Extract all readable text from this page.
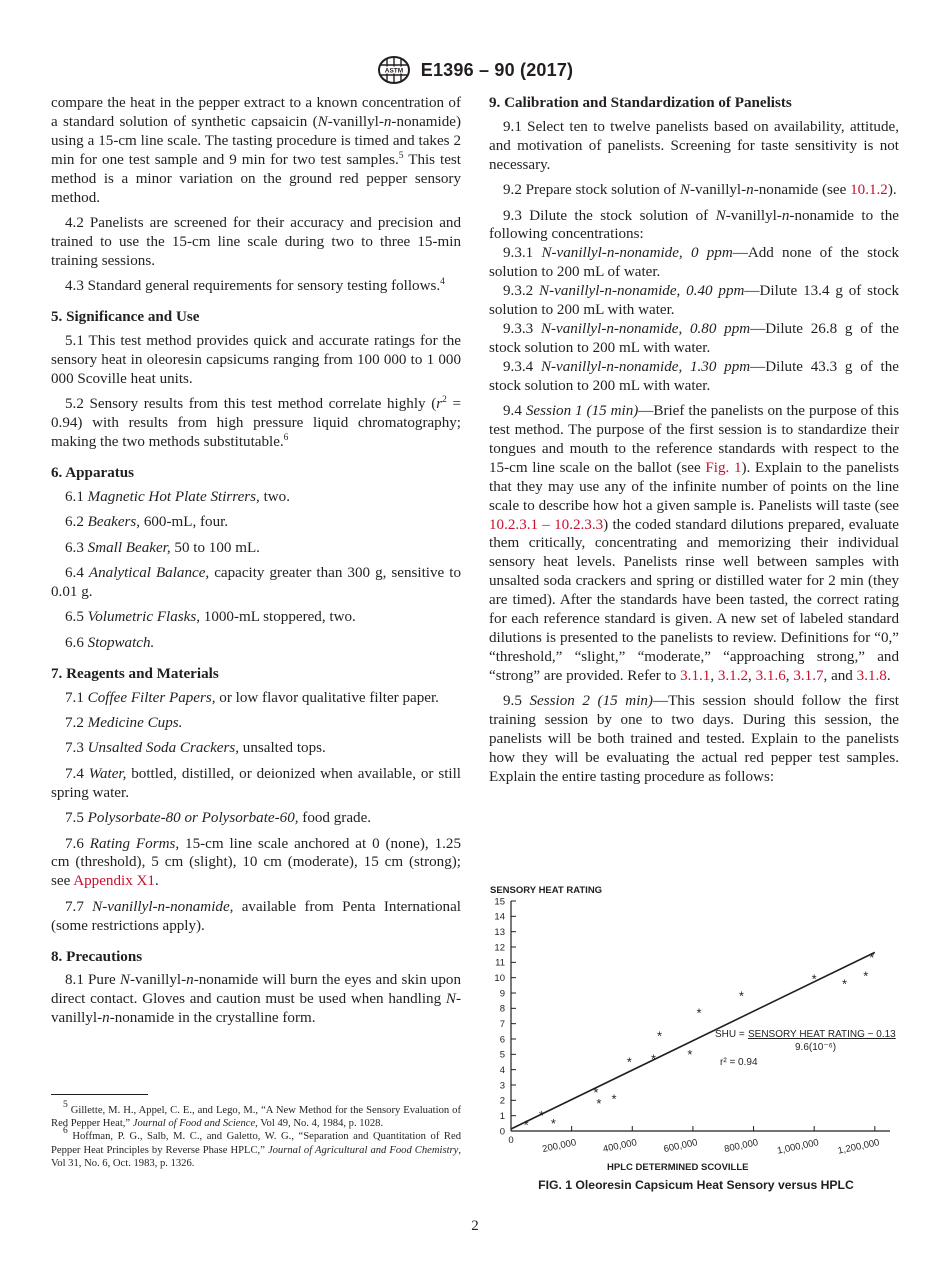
ASTM E1396 – 90 (2017)

compare the heat in the pepper extract to a known concentration of a standard solution of synthetic capsaicin (N-vanillyl-n-nonamide) using a 15-cm line scale. The tasting procedure is timed and takes 2 min for one test sample and 9 min for two test samples.$^5$ This test method is a minor variation on the ground red pepper sensory method.

4.2 Panelists are screened for their accuracy and precision and trained to use the 15-cm line scale during two to three 15-min training sessions.

4.3 Standard general requirements for sensory testing follows.$^4$

5. Significance and Use

5.1 This test method provides quick and accurate ratings for the sensory heat in oleoresin capsicums ranging from 100 000 to 1 000 000 Scoville heat units.

5.2 Sensory results from this test method correlate highly $(r^2 = 0.94)$ with results from high pressure liquid chromatography; making the two methods substitutable.$^6$

6. Apparatus

6.1 Magnetic Hot Plate Stirrers, two.

6.2 Beakers, 600-mL, four.

6.3 Small Beaker, 50 to 100 mL.

6.4 Analytical Balance, capacity greater than 300 g, sensitive to 0.01 g.

6.5 Volumetric Flasks, 1000-mL stoppered, two.

6.6 Stopwatch.

7. Reagents and Materials

7.1 Coffee Filter Papers, or low flavor qualitative filter paper.

7.2 Medicine Cups.

7.3 Unsalted Soda Crackers, unsalted tops.

7.4 Water, bottled, distilled, or deionized when available, or still spring water.

7.5 Polysorbate-80 or Polysorbate-60, food grade.

7.6 Rating Forms, 15-cm line scale anchored at 0 (none), 1.25 cm (threshold), 5 cm (slight), 10 cm (moderate), 15 cm (strong); see Appendix X1.

7.7 N-vanillyl-n-nonamide, available from Penta International (some restrictions apply).

8. Precautions

8.1 Pure N-vanillyl-n-nonamide will burn the eyes and skin upon direct contact. Gloves and caution must be used when handling N-vanillyl-n-nonamide in the crystalline form.

$^5$ Gillette, M. H., Appel, C. E., and Lego, M., “A New Method for the Sensory Evaluation of Red Pepper Heat,” Journal of Food and Science, Vol 49, No. 4, 1984, p. 1028.

$^6$ Hoffman, P. G., Salb, M. C., and Galetto, W. G., “Separation and Quantitation of Red Pepper Heat Principles by Reverse Phase HPLC,” Journal of Agricultural and Food Chemistry, Vol 31, No. 6, Oct. 1983, p. 1326.

9. Calibration and Standardization of Panelists

9.1 Select ten to twelve panelists based on availability, attitude, and motivation of panelists. Screening for taste sensitivity is not necessary.

9.2 Prepare stock solution of N-vanillyl-n-nonamide (see 10.1.2).

9.3 Dilute the stock solution of N-vanillyl-n-nonamide to the following concentrations:

9.3.1 N-vanillyl-n-nonamide, 0 ppm—Add none of the stock solution to 200 mL of water.

9.3.2 N-vanillyl-n-nonamide, 0.40 ppm—Dilute 13.4 g of stock solution to 200 mL with water.

9.3.3 N-vanillyl-n-nonamide, 0.80 ppm—Dilute 26.8 g of the stock solution to 200 mL with water.

9.3.4 N-vanillyl-n-nonamide, 1.30 ppm—Dilute 43.3 g of the stock solution to 200 mL with water.

9.4 Session 1 (15 min)—Brief the panelists on the purpose of this test method. The purpose of the first session is to standardize their tongues and mouth to the reference standards with respect to the 15-cm line scale on the ballot (see Fig. 1). Explain to the panelists that they may use any of the infinite number of points on the line scale to describe how hot a given sample is. Panelists will taste (see 10.2.3.1 – 10.2.3.3) the coded standard dilutions prepared, evaluate them critically, concentrating and memorizing their individual sensory heat levels. Panelists rinse well between samples with unsalted soda crackers and spring or distilled water for 2 min (they are timed). After the standards have been tasted, the correct rating for each reference standard is given. A new set of labeled standard dilutions is presented to the panelists to review. Definitions for “0,” “threshold,” “slight,” “moderate,” “approaching strong,” and “strong” are provided. Refer to 3.1.1, 3.1.2, 3.1.6, 3.1.7, and 3.1.8.

9.5 Session 2 (15 min)—This session should follow the first training session by one to two days. During this session, the panelists will be both trained and tested. Explain to the panelists how they will be evaluating the actual red pepper test samples. Explain the entire tasting procedure as follows:

SENSORY HEAT RATING
0
1
2
3
4
5
6
7
8
9
10
11
12
13
14
15
0	200,000	400,000	600,000	800,000 1,000,000 1,200,000
HPLC DETERMINED SCOVILLE
*
*
*
*
* *
* *
*
*
*
*
* *
*
*
SHU = SENSORY HEAT RATING − 0.13
9.6(10⁻⁶)
r² = 0.94
FIG. 1 Oleoresin Capsicum Heat Sensory versus HPLC
2
